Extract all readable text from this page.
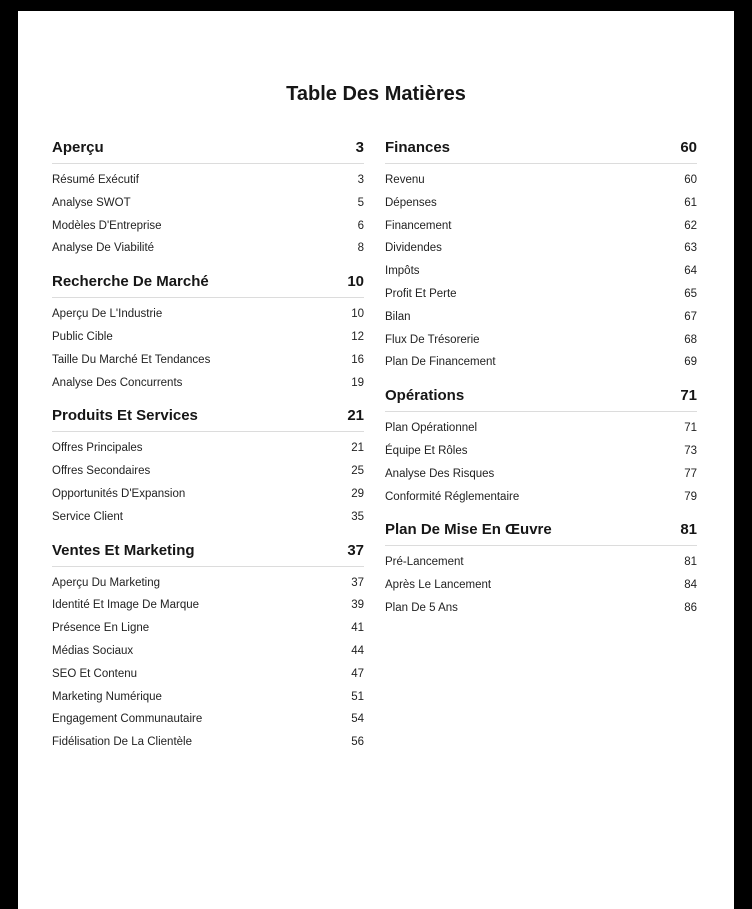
Table Des Matières
Aperçu	3
Résumé Exécutif	3
Analyse SWOT	5
Modèles D'Entreprise	6
Analyse De Viabilité	8
Recherche De Marché	10
Aperçu De L'Industrie	10
Public Cible	12
Taille Du Marché Et Tendances	16
Analyse Des Concurrents	19
Produits Et Services	21
Offres Principales	21
Offres Secondaires	25
Opportunités D'Expansion	29
Service Client	35
Ventes Et Marketing	37
Aperçu Du Marketing	37
Identité Et Image De Marque	39
Présence En Ligne	41
Médias Sociaux	44
SEO Et Contenu	47
Marketing Numérique	51
Engagement Communautaire	54
Fidélisation De La Clientèle	56
Finances	60
Revenu	60
Dépenses	61
Financement	62
Dividendes	63
Impôts	64
Profit Et Perte	65
Bilan	67
Flux De Trésorerie	68
Plan De Financement	69
Opérations	71
Plan Opérationnel	71
Équipe Et Rôles	73
Analyse Des Risques	77
Conformité Réglementaire	79
Plan De Mise En Œuvre	81
Pré-Lancement	81
Après Le Lancement	84
Plan De 5 Ans	86
